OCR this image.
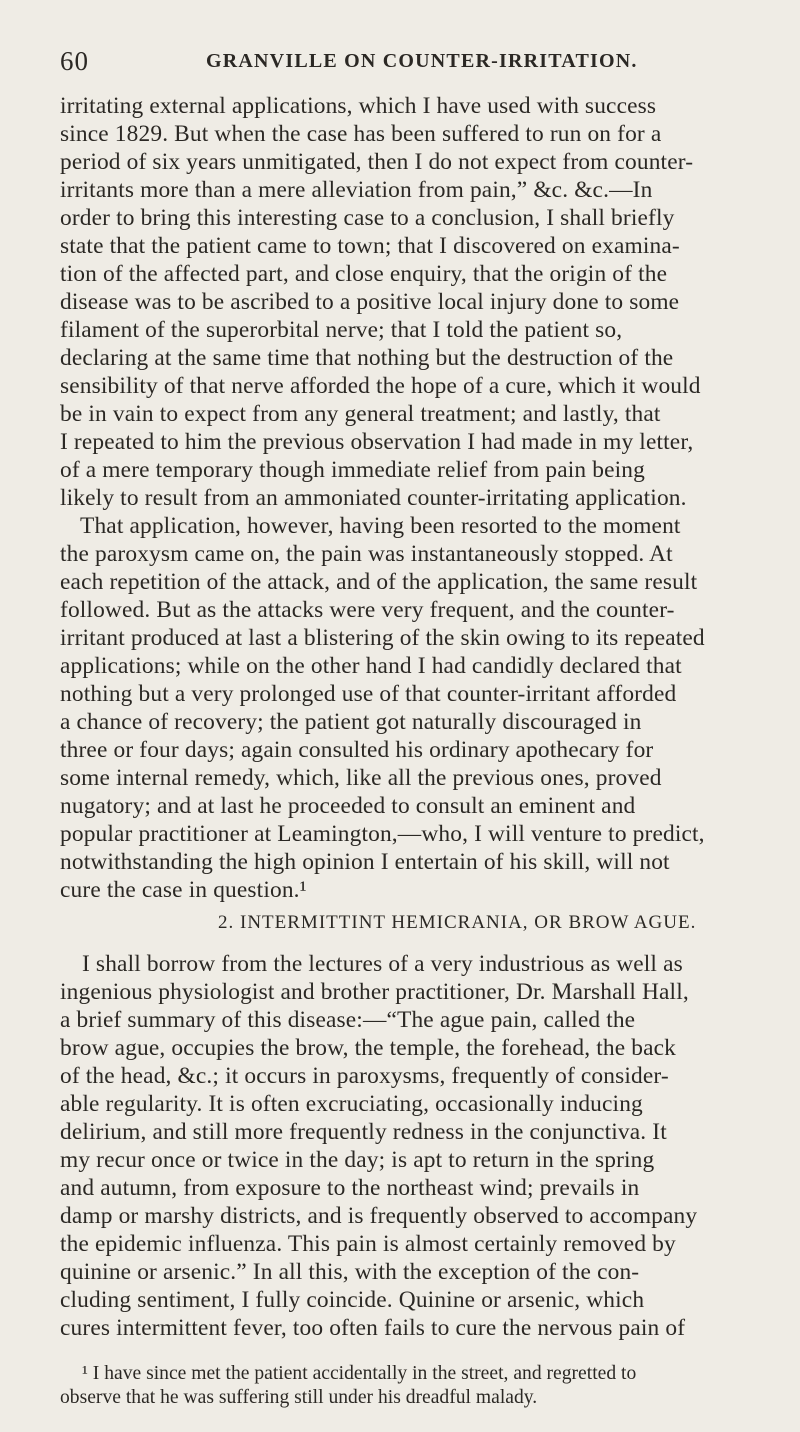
60	GRANVILLE ON COUNTER-IRRITATION.
irritating external applications, which I have used with success
since 1829. But when the case has been suffered to run on for a
period of six years unmitigated, then I do not expect from counter-
irritants more than a mere alleviation from pain,” &c. &c.—In
order to bring this interesting case to a conclusion, I shall briefly
state that the patient came to town; that I discovered on examina-
tion of the affected part, and close enquiry, that the origin of the
disease was to be ascribed to a positive local injury done to some
filament of the superorbital nerve; that I told the patient so,
declaring at the same time that nothing but the destruction of the
sensibility of that nerve afforded the hope of a cure, which it would
be in vain to expect from any general treatment; and lastly, that
I repeated to him the previous observation I had made in my letter,
of a mere temporary though immediate relief from pain being
likely to result from an ammoniated counter-irritating application.
That application, however, having been resorted to the moment
the paroxysm came on, the pain was instantaneously stopped. At
each repetition of the attack, and of the application, the same result
followed. But as the attacks were very frequent, and the counter-
irritant produced at last a blistering of the skin owing to its repeated
applications; while on the other hand I had candidly declared that
nothing but a very prolonged use of that counter-irritant afforded
a chance of recovery; the patient got naturally discouraged in
three or four days; again consulted his ordinary apothecary for
some internal remedy, which, like all the previous ones, proved
nugatory; and at last he proceeded to consult an eminent and
popular practitioner at Leamington,—who, I will venture to predict,
notwithstanding the high opinion I entertain of his skill, will not
cure the case in question.¹
2. INTERMITTINT HEMICRANIA, OR BROW AGUE.
I shall borrow from the lectures of a very industrious as well as
ingenious physiologist and brother practitioner, Dr. Marshall Hall,
a brief summary of this disease:—“The ague pain, called the
brow ague, occupies the brow, the temple, the forehead, the back
of the head, &c.; it occurs in paroxysms, frequently of consider-
able regularity. It is often excruciating, occasionally inducing
delirium, and still more frequently redness in the conjunctiva. It
my recur once or twice in the day; is apt to return in the spring
and autumn, from exposure to the northeast wind; prevails in
damp or marshy districts, and is frequently observed to accompany
the epidemic influenza. This pain is almost certainly removed by
quinine or arsenic.” In all this, with the exception of the con-
cluding sentiment, I fully coincide. Quinine or arsenic, which
cures intermittent fever, too often fails to cure the nervous pain of
¹ I have since met the patient accidentally in the street, and regretted to
observe that he was suffering still under his dreadful malady.
